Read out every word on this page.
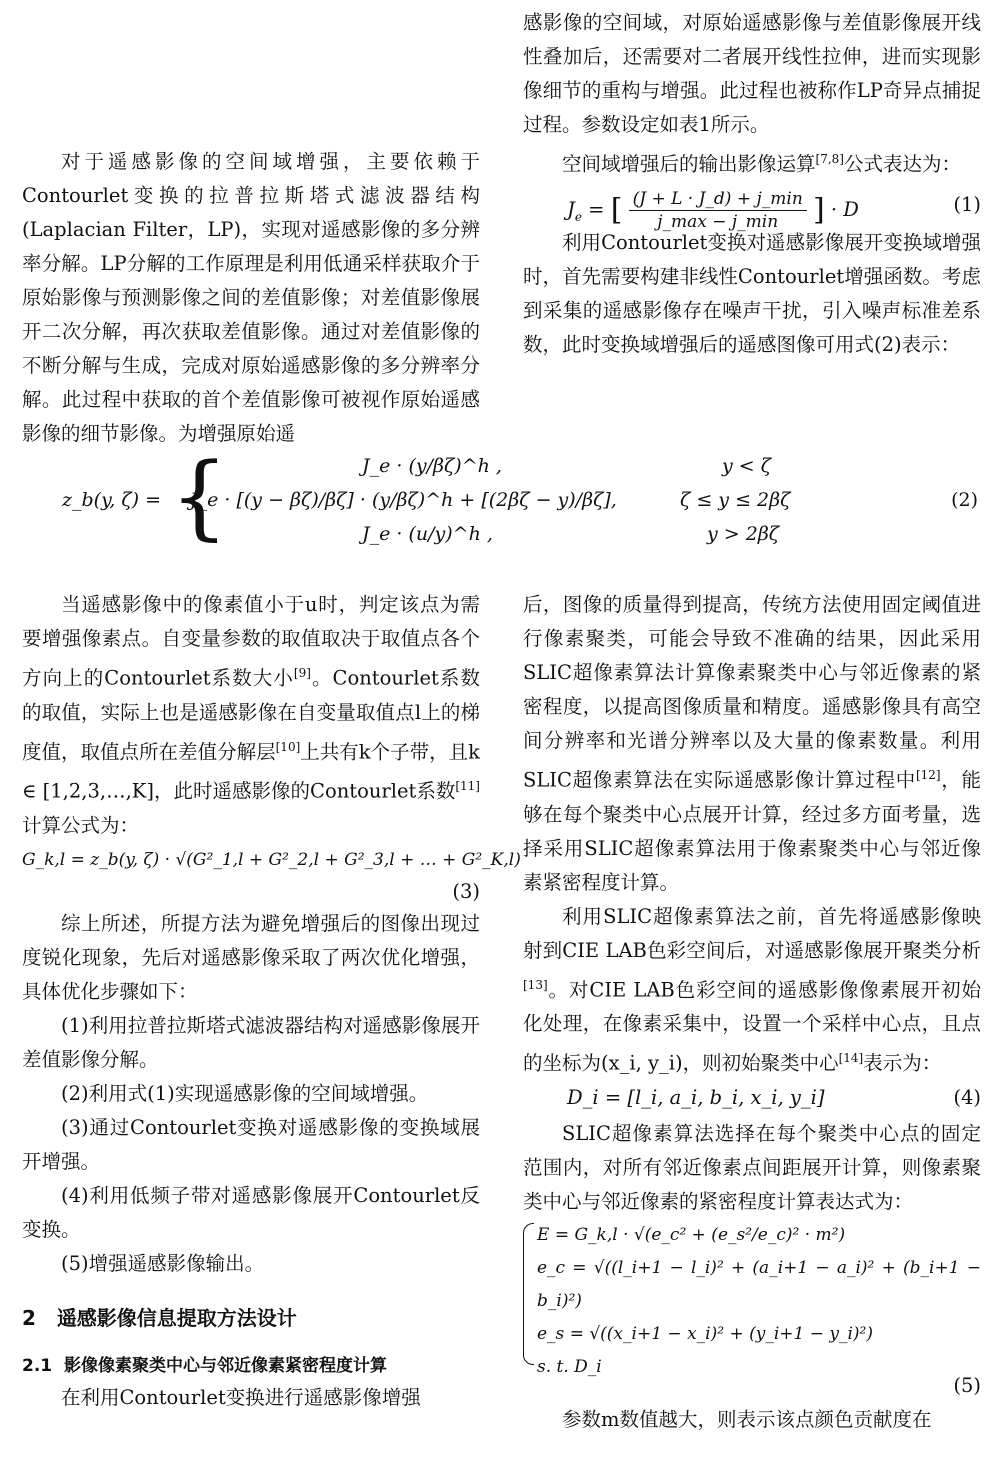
对于遥感影像的空间域增强，主要依赖于Contourlet变换的拉普拉斯塔式滤波器结构(Laplacian Filter，LP)，实现对遥感影像的多分辨率分解。LP分解的工作原理是利用低通采样获取介于原始影像与预测影像之间的差值影像；对差值影像展开二次分解，再次获取差值影像。通过对差值影像的不断分解与生成，完成对原始遥感影像的多分辨率分解。此过程中获取的首个差值影像可被视作原始遥感影像的细节影像。为增强原始遥

感影像的空间域，对原始遥感影像与差值影像展开线性叠加后，还需要对二者展开线性拉伸，进而实现影像细节的重构与增强。此过程也被称作LP奇异点捕捉过程。参数设定如表1所示。

空间域增强后的输出影像运算[7,8]公式表达为：

$J_e$ = [ $\frac{(J + L \cdot J\_d) + j\_\min}{j\_\max - j\_\min}$ ] · D	(1)

利用Contourlet变换对遥感影像展开变换域增强时，首先需要构建非线性Contourlet增强函数。考虑到采集的遥感影像存在噪声干扰，引入噪声标准差系数，此时变换域增强后的遥感图像可用式(2)表示：

z_b(y, ζ) = {	J_e · (y/βζ)^h ,	y < ζ
J_e · [(y − βζ)/βζ] · (y/βζ)^h + [(2βζ − y)/βζ],	ζ ≤ y ≤ 2βζ
J_e · (u/y)^h ,	y > 2βζ
(2)

当遥感影像中的像素值小于u时，判定该点为需要增强像素点。自变量参数的取值取决于取值点各个方向上的Contourlet系数大小[9]。Contourlet系数的取值，实际上也是遥感影像在自变量取值点l上的梯度值，取值点所在差值分解层[10]上共有k个子带，且k ∈ [1,2,3,…,K]，此时遥感影像的Contourlet系数[11]计算公式为：

G_k,l = z_b(y, ζ) · √(G²_1,l + G²_2,l + G²_3,l + … + G²_K,l)
(3)

综上所述，所提方法为避免增强后的图像出现过度锐化现象，先后对遥感影像采取了两次优化增强，具体优化步骤如下：

(1)利用拉普拉斯塔式滤波器结构对遥感影像展开差值影像分解。

(2)利用式(1)实现遥感影像的空间域增强。

(3)通过Contourlet变换对遥感影像的变换域展开增强。

(4)利用低频子带对遥感影像展开Contourlet反变换。

(5)增强遥感影像输出。

2 遥感影像信息提取方法设计
2.1 影像像素聚类中心与邻近像素紧密程度计算

在利用Contourlet变换进行遥感影像增强

后，图像的质量得到提高，传统方法使用固定阈值进行像素聚类，可能会导致不准确的结果，因此采用SLIC超像素算法计算像素聚类中心与邻近像素的紧密程度，以提高图像质量和精度。遥感影像具有高空间分辨率和光谱分辨率以及大量的像素数量。利用SLIC超像素算法在实际遥感影像计算过程中[12]，能够在每个聚类中心点展开计算，经过多方面考量，选择采用SLIC超像素算法用于像素聚类中心与邻近像素紧密程度计算。

利用SLIC超像素算法之前，首先将遥感影像映射到CIE LAB色彩空间后，对遥感影像展开聚类分析[13]。对CIE LAB色彩空间的遥感影像像素展开初始化处理，在像素采集中，设置一个采样中心点，且点的坐标为(x_i, y_i)，则初始聚类中心[14]表示为：

D_i = [l_i, a_i, b_i, x_i, y_i]	(4)

SLIC超像素算法选择在每个聚类中心点的固定范围内，对所有邻近像素点间距展开计算，则像素聚类中心与邻近像素的紧密程度计算表达式为：

E = G_k,l · √(e_c² + (e_s²/e_c)² · m²)
e_c = √((l_i+1 − l_i)² + (a_i+1 − a_i)² + (b_i+1 − b_i)²)
e_s = √((x_i+1 − x_i)² + (y_i+1 − y_i)²)
s. t. D_i
(5)

参数m数值越大，则表示该点颜色贡献度在
